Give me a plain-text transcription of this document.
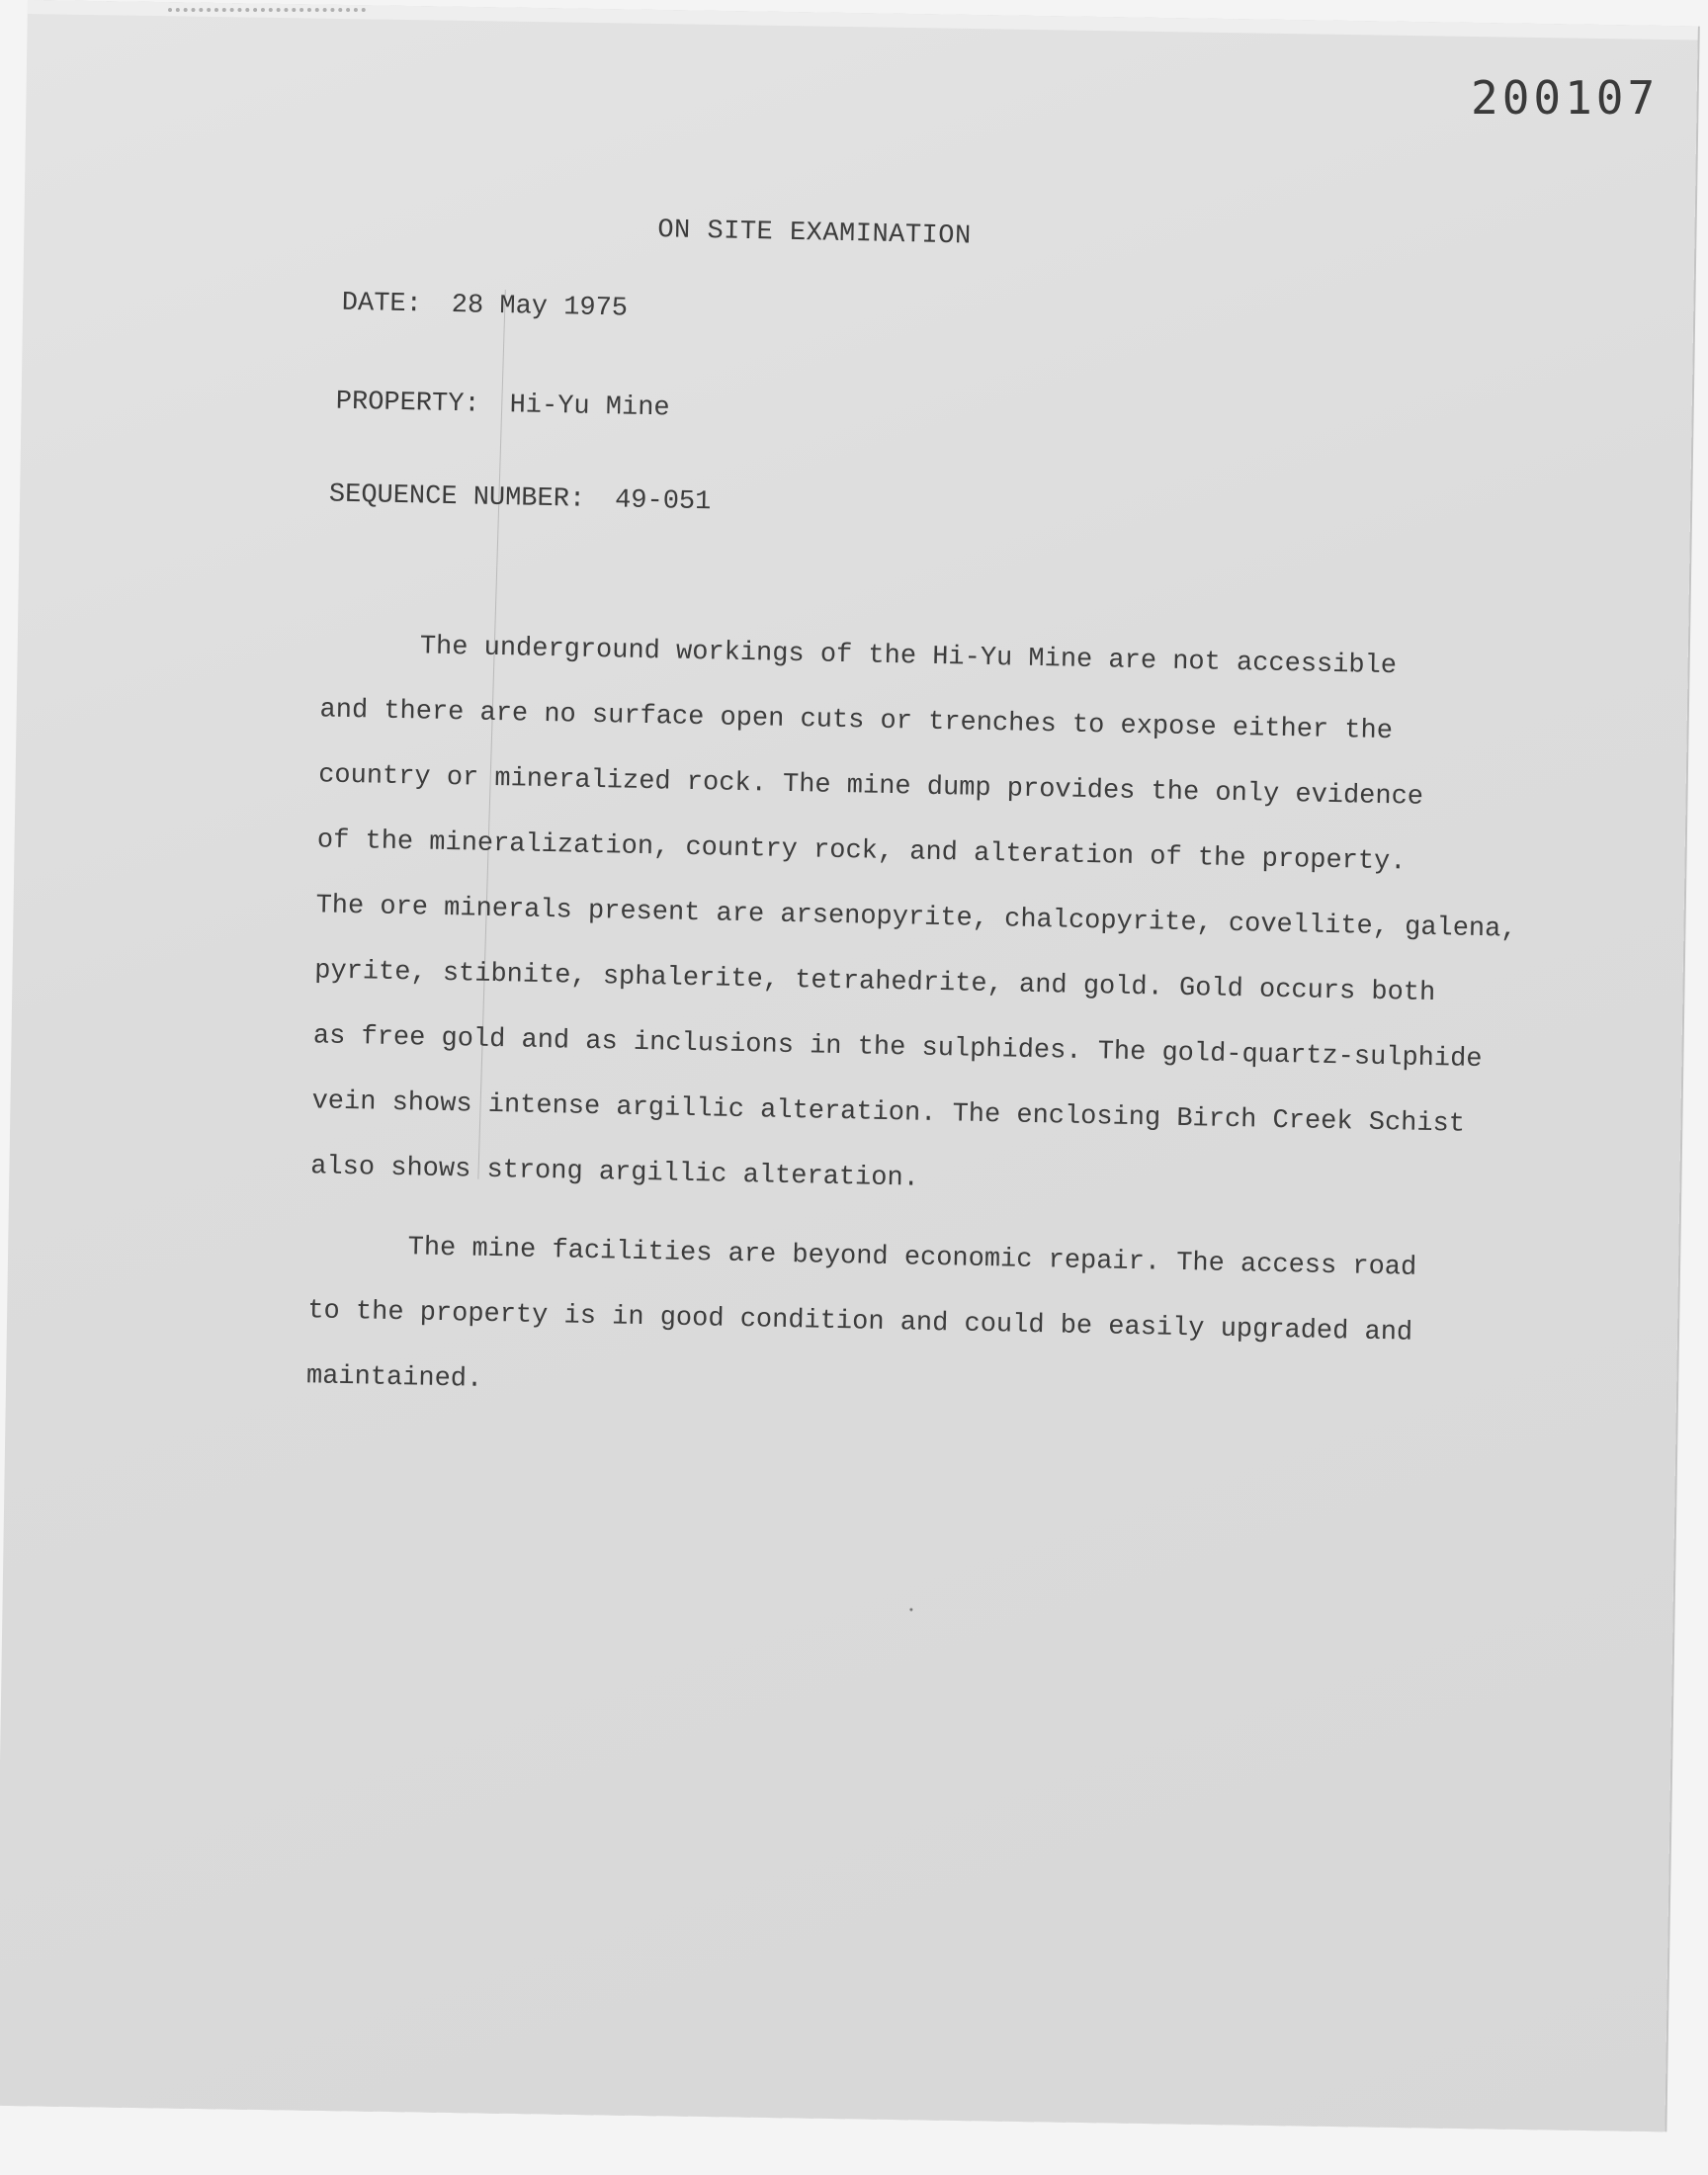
200107
ON SITE EXAMINATION
DATE: 28 May 1975
PROPERTY: Hi-Yu Mine
SEQUENCE NUMBER: 49-051
The underground workings of the Hi-Yu Mine are not accessible
and there are no surface open cuts or trenches to expose either the
country or mineralized rock. The mine dump provides the only evidence
of the mineralization, country rock, and alteration of the property.
The ore minerals present are arsenopyrite, chalcopyrite, covellite, galena,
pyrite, stibnite, sphalerite, tetrahedrite, and gold. Gold occurs both
as free gold and as inclusions in the sulphides. The gold-quartz-sulphide
vein shows intense argillic alteration. The enclosing Birch Creek Schist
also shows strong argillic alteration.
The mine facilities are beyond economic repair. The access road
to the property is in good condition and could be easily upgraded and
maintained.
